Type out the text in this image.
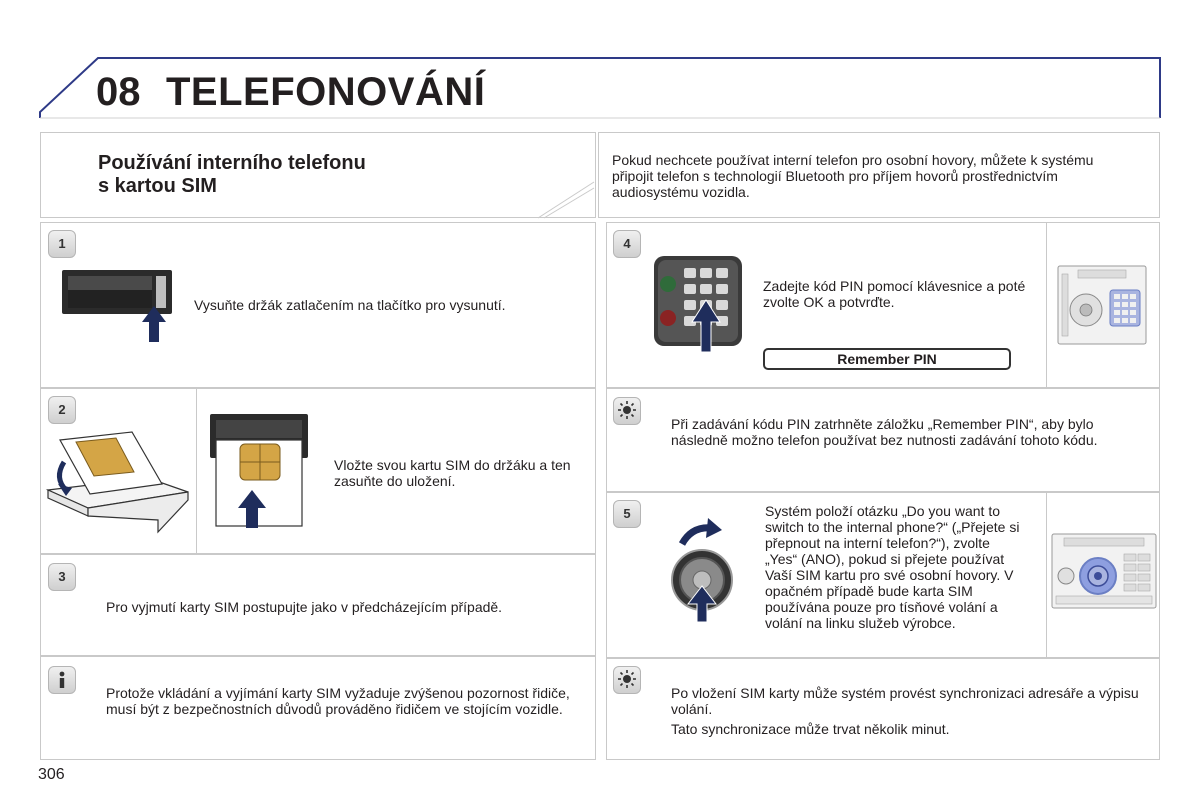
08 TELEFONOVÁNÍ
Používání interního telefonu
s kartou SIM
Pokud nechcete používat interní telefon pro osobní hovory, můžete k systému připojit telefon s technologií Bluetooth pro příjem hovorů prostřednictvím audiosystému vozidla.
1
Vysuňte držák zatlačením na tlačítko pro vysunutí.
2
Vložte svou kartu SIM do držáku a ten zasuňte do uložení.
3
Pro vyjmutí karty SIM postupujte jako v předcházejícím případě.
Protože vkládání a vyjímání karty SIM vyžaduje zvýšenou pozornost řidiče, musí být z bezpečnostních důvodů prováděno řidičem ve stojícím vozidle.
4
Zadejte kód PIN pomocí klávesnice a poté zvolte OK a potvrďte.
Remember PIN
Při zadávání kódu PIN zatrhněte záložku „Remember PIN“, aby bylo následně možno telefon používat bez nutnosti zadávání tohoto kódu.
5	Systém položí otázku „Do you want to switch to the internal phone?“ („Přejete si přepnout na interní telefon?“), zvolte „Yes“ (ANO), pokud si přejete používat Vaší SIM kartu pro své osobní hovory. V opačném případě bude karta SIM používána pouze pro tísňové volání a volání na linku služeb výrobce.
Po vložení SIM karty může systém provést synchronizaci adresáře a výpisu volání.
Tato synchronizace může trvat několik minut.
306
